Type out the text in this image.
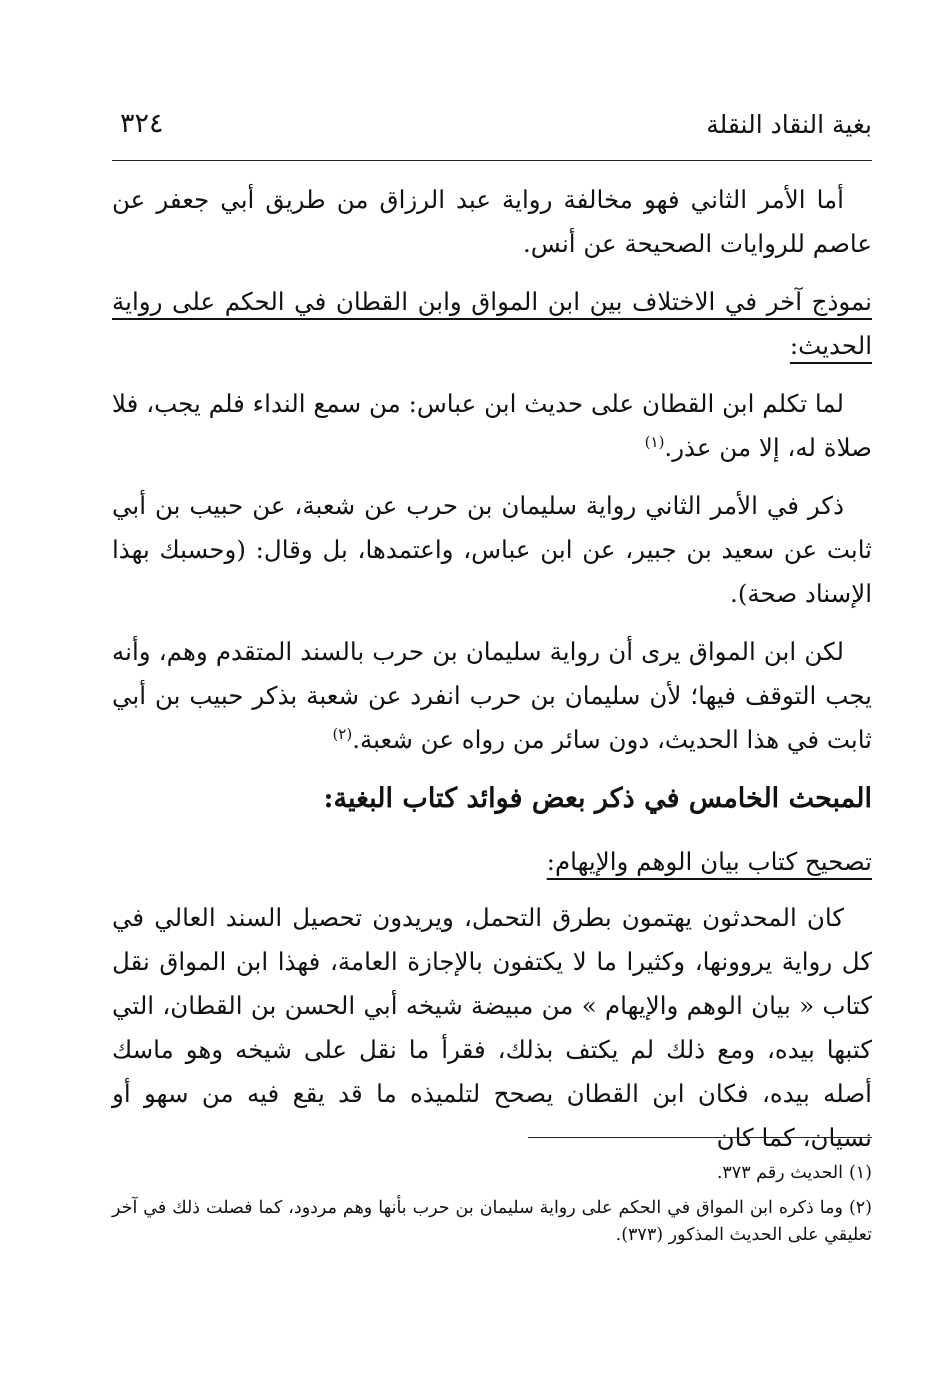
بغية النقاد النقلة
٣٢٤

أما الأمر الثاني فهو مخالفة رواية عبد الرزاق من طريق أبي جعفر عن عاصم للروايات الصحيحة عن أنس.

نموذج آخر في الاختلاف بين ابن المواق وابن القطان في الحكم على رواية الحديث:

لما تكلم ابن القطان على حديث ابن عباس: من سمع النداء فلم يجب، فلا صلاة له، إلا من عذر.$^{(١)}$

ذكر في الأمر الثاني رواية سليمان بن حرب عن شعبة، عن حبيب بن أبي ثابت عن سعيد بن جبير، عن ابن عباس، واعتمدها، بل وقال: (وحسبك بهذا الإسناد صحة).

لكن ابن المواق يرى أن رواية سليمان بن حرب بالسند المتقدم وهم، وأنه يجب التوقف فيها؛ لأن سليمان بن حرب انفرد عن شعبة بذكر حبيب بن أبي ثابت في هذا الحديث، دون سائر من رواه عن شعبة.$^{(٢)}$

المبحث الخامس في ذكر بعض فوائد كتاب البغية:

تصحيح كتاب بيان الوهم والإيهام:

كان المحدثون يهتمون بطرق التحمل، ويريدون تحصيل السند العالي في كل رواية يروونها، وكثيرا ما لا يكتفون بالإجازة العامة، فهذا ابن المواق نقل كتاب « بيان الوهم والإيهام » من مبيضة شيخه أبي الحسن بن القطان، التي كتبها بيده، ومع ذلك لم يكتف بذلك، فقرأ ما نقل على شيخه وهو ماسك أصله بيده، فكان ابن القطان يصحح لتلميذه ما قد يقع فيه من سهو أو نسيان، كما كان

(١)الحديث رقم ٣٧٣.
(٢)وما ذكره ابن المواق في الحكم على رواية سليمان بن حرب بأنها وهم مردود، كما فصلت ذلك في آخر تعليقي على الحديث المذكور (٣٧٣).
